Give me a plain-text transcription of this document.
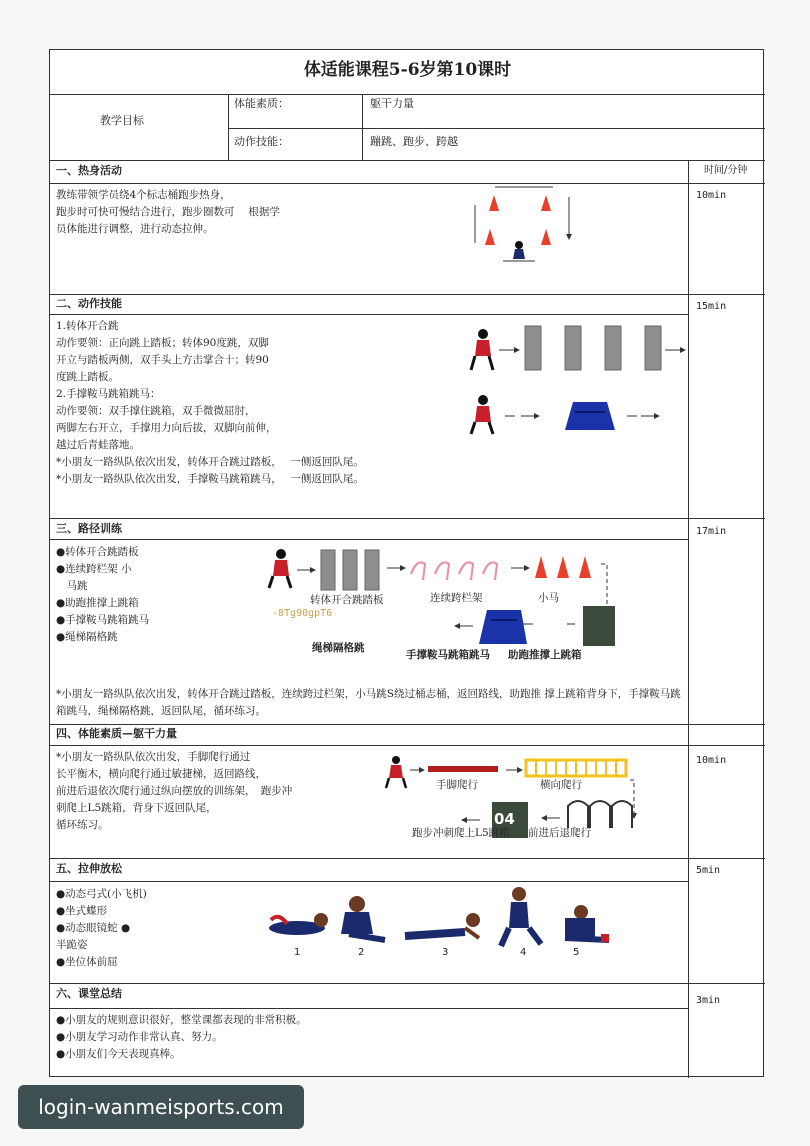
体适能课程5-6岁第10课时
教学目标
体能素质：	躯干力量
动作技能：	蹦跳、跑步、跨越
一、热身活动	时间/分钟
教练带领学员绕4个标志桶跑步热身，
跑步时可快可慢结合进行，跑步圈数可　 根据学
员体能进行调整，进行动态拉伸。
10min
二、动作技能
1.转体开合跳
动作要领：正向跳上踏板；转体90度跳，双脚
开立与踏板两侧，双手头上方击掌合十；转90
度跳上踏板。
2.手撑鞍马跳箱跳马：
动作要领：双手撑住跳箱，双手微微屈肘，
两脚左右开立，手撑用力向后拔，双脚向前伸，
越过后青蛙落地。
*小朋友一路纵队依次出发，转体开合跳过踏板，　 一侧返回队尾。
*小朋友一路纵队依次出发，手撑鞍马跳箱跳马，　 一侧返回队尾。
15min
三、路径训练	17min
●转体开合跳踏板
●连续跨栏架 小
　马跳
●助跑推撑上跳箱
●手撑鞍马跳箱跳马
●绳梯隔格跳	04
转体开合跳踏板	连续跨栏架	小马
-8Tg90gpT6
绳梯隔格跳
手撑鞍马跳箱跳马 助跑推撑上跳箱
*小朋友一路纵队依次出发，转体开合跳过踏板，连续跨过栏架，小马跳S绕过桶志桶，返回路线，助跑推 撑上跳箱背身下，手撑鞍马跳箱跳马，绳梯隔格跳，返回队尾，循环练习。
四、体能素质—躯干力量
*小朋友一路纵队依次出发，手脚爬行通过
长平衡木，横向爬行通过敏捷梯，返回路线，
前进后退依次爬行通过纵向摆放的训练架，　跑步冲
刺爬上L5跳箱，背身下返回队尾，
循环练习。
10min
04
手脚爬行	横向爬行
跑步冲刺爬上L5跳箱 前进后退爬行
五、拉伸放松	5min
●动态弓式(小飞机)
●坐式蝶形
●动态眼镜蛇 ●
半跪姿
●坐位体前屈
1	2	3	4	5
六、课堂总结
3min
●小朋友的规则意识很好，整堂课都表现的非常积极。
●小朋友学习动作非常认真、努力。
●小朋友们今天表现真棒。
login-wanmeisports.com
